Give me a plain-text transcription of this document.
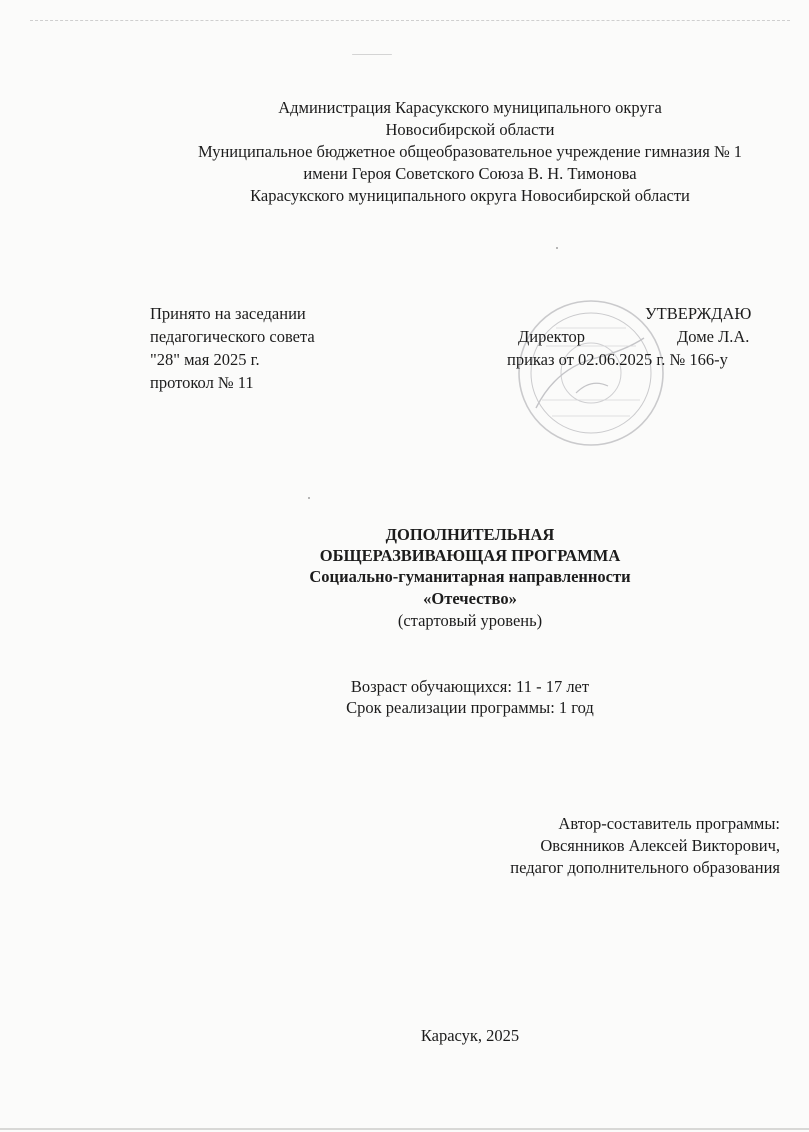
Администрация Карасукского муниципального округа
Новосибирской области
Муниципальное бюджетное общеобразовательное учреждение гимназия № 1
имени Героя Советского Союза В. Н. Тимонова
Карасукского муниципального округа Новосибирской области
Принято на заседании
педагогического совета
"28" мая 2025 г.
протокол № 11
УТВЕРЖДАЮ
Директор	Доме Л.А.
приказ от 02.06.2025 г. № 166-у
ДОПОЛНИТЕЛЬНАЯ
ОБЩЕРАЗВИВАЮЩАЯ ПРОГРАММА
Социально-гуманитарная направленности
«Отечество»
(стартовый уровень)
Возраст обучающихся: 11 - 17 лет
Срок реализации программы: 1 год
Автор-составитель программы:
Овсянников Алексей Викторович,
педагог дополнительного образования
Карасук, 2025
